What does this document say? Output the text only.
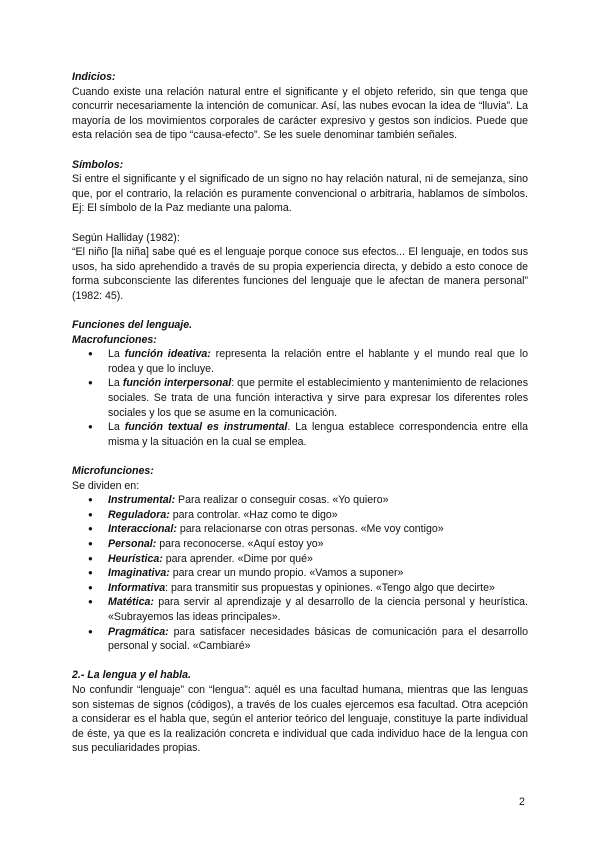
Indicios:

Cuando existe una relación natural entre el significante y el objeto referido, sin que tenga que concurrir necesariamente la intención de comunicar. Así, las nubes evocan la idea de “lluvia”. La mayoría de los movimientos corporales de carácter expresivo y gestos son indicios. Puede que esta relación sea de tipo “causa-efecto”. Se les suele denominar también señales.

Símbolos:

Si entre el significante y el significado de un signo no hay relación natural, ni de semejanza, sino que, por el contrario, la relación es puramente convencional o arbitraria, hablamos de símbolos. Ej: El símbolo de la Paz mediante una paloma.

Según Halliday (1982):

“El niño [la niña] sabe qué es el lenguaje porque conoce sus efectos... El lenguaje, en todos sus usos, ha sido aprehendido a través de su propia experiencia directa, y debido a esto conoce de forma subconsciente las diferentes funciones del lenguaje que le afectan de manera personal” (1982: 45).

Funciones del lenguaje.

Macrofunciones:

● La función ideativa: representa la relación entre el hablante y el mundo real que lo rodea y que lo incluye.
● La función interpersonal: que permite el establecimiento y mantenimiento de relaciones sociales. Se trata de una función interactiva y sirve para expresar los diferentes roles sociales y los que se asume en la comunicación.
● La función textual es instrumental. La lengua establece correspondencia entre ella misma y la situación en la cual se emplea.

Microfunciones:

Se dividen en:

● Instrumental: Para realizar o conseguir cosas. «Yo quiero»
● Reguladora: para controlar. «Haz como te digo»
● Interaccional: para relacionarse con otras personas. «Me voy contigo»
● Personal: para reconocerse. «Aquí estoy yo»
● Heurística: para aprender. «Dime por qué»
● Imaginativa: para crear un mundo propio. «Vamos a suponer»
● Informativa: para transmitir sus propuestas y opiniones. «Tengo algo que decirte»
● Matética: para servir al aprendizaje y al desarrollo de la ciencia personal y heurística. «Subrayemos las ideas principales».
● Pragmática: para satisfacer necesidades básicas de comunicación para el desarrollo personal y social. «Cambiaré»

2.- La lengua y el habla.

No confundir “lenguaje” con “lengua”: aquél es una facultad humana, mientras que las lenguas son sistemas de signos (códigos), a través de los cuales ejercemos esa facultad. Otra acepción a considerar es el habla que, según el anterior teórico del lenguaje, constituye la parte individual de éste, ya que es la realización concreta e individual que cada individuo hace de la lengua con sus peculiaridades propias.

2
